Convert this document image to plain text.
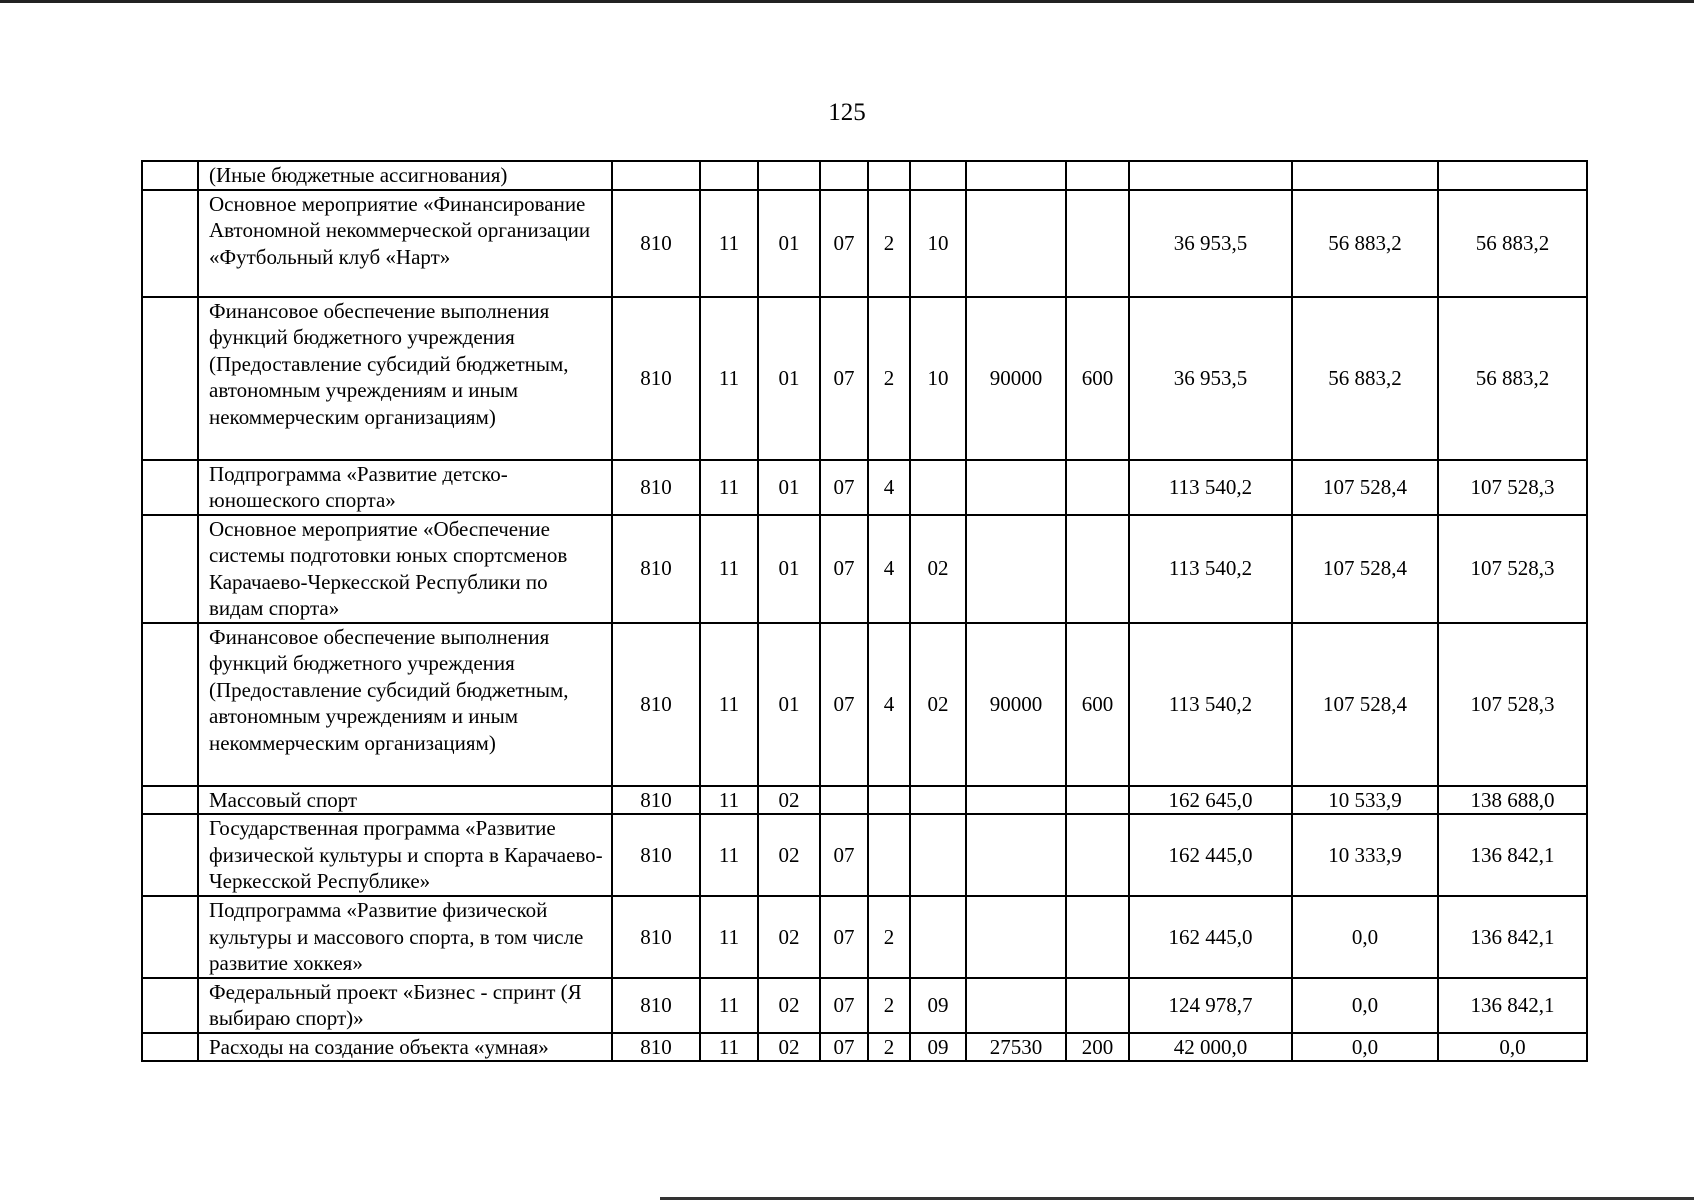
125
	(Иные бюджетные ассигнования)											
	Основное мероприятие «Финансирование Автономной некоммерческой организации «Футбольный клуб «Нарт»	810	11	01	07	2	10			36 953,5	56 883,2	56 883,2
	Финансовое обеспечение выполнения функций бюджетного учреждения (Предоставление субсидий бюджетным, автономным учреждениям и иным некоммерческим организациям)	810	11	01	07	2	10	90000	600	36 953,5	56 883,2	56 883,2
	Подпрограмма «Развитие детско-юношеского спорта»	810	11	01	07	4				113 540,2	107 528,4	107 528,3
	Основное мероприятие «Обеспечение системы подготовки юных спортсменов Карачаево-Черкесской Республики по видам спорта»	810	11	01	07	4	02			113 540,2	107 528,4	107 528,3
	Финансовое обеспечение выполнения функций бюджетного учреждения (Предоставление субсидий бюджетным, автономным учреждениям и иным некоммерческим организациям)	810	11	01	07	4	02	90000	600	113 540,2	107 528,4	107 528,3
	Массовый спорт	810	11	02						162 645,0	10 533,9	138 688,0
	Государственная программа «Развитие физической культуры и спорта в Карачаево-Черкесской Республике»	810	11	02	07					162 445,0	10 333,9	136 842,1
	Подпрограмма «Развитие физической культуры и массового спорта, в том числе развитие хоккея»	810	11	02	07	2				162 445,0	0,0	136 842,1
	Федеральный проект «Бизнес - спринт (Я выбираю спорт)»	810	11	02	07	2	09			124 978,7	0,0	136 842,1
	Расходы на создание объекта «умная»	810	11	02	07	2	09	27530	200	42 000,0	0,0	0,0
